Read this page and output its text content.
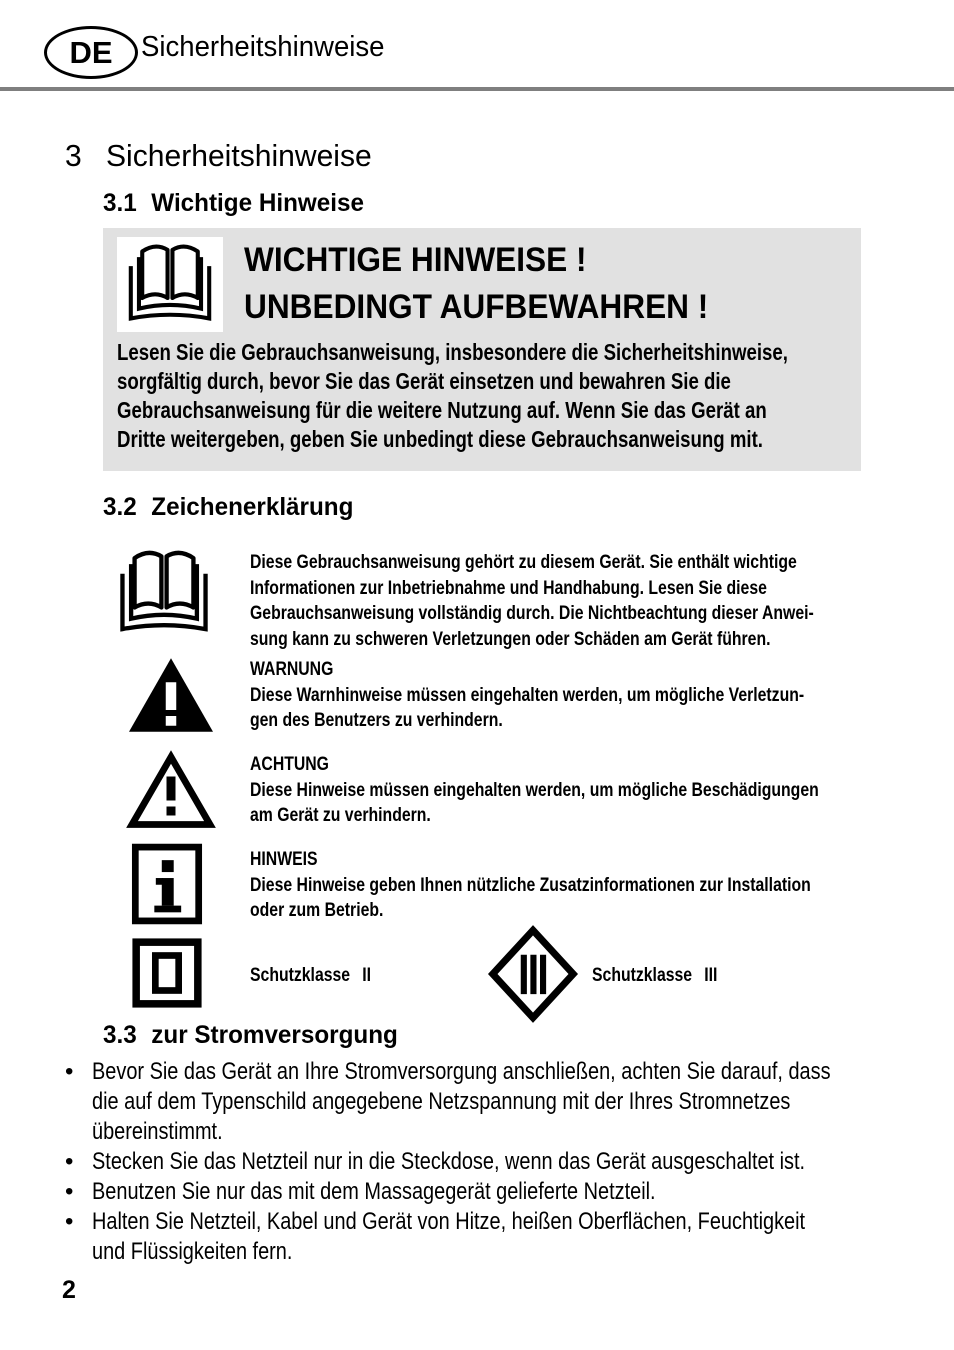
DE Sicherheitshinweise
3 Sicherheitshinweise
3.1 Wichtige Hinweise
WICHTIGE HINWEISE !
UNBEDINGT AUFBEWAHREN !
Lesen Sie die Gebrauchsanweisung, insbesondere die Sicherheitshinweise,
sorgfältig durch, bevor Sie das Gerät einsetzen und bewahren Sie die
Gebrauchsanweisung für die weitere Nutzung auf. Wenn Sie das Gerät an
Dritte weitergeben, geben Sie unbedingt diese Gebrauchsanweisung mit.
3.2 Zeichenerklärung
Diese Gebrauchsanweisung gehört zu diesem Gerät. Sie enthält wichtige
Informationen zur Inbetriebnahme und Handhabung. Lesen Sie diese
Gebrauchsanweisung vollständig durch. Die Nichtbeachtung dieser Anwei-
sung kann zu schweren Verletzungen oder Schäden am Gerät führen.
WARNUNG
Diese Warnhinweise müssen eingehalten werden, um mögliche Verletzun-
gen des Benutzers zu verhindern.
ACHTUNG
Diese Hinweise müssen eingehalten werden, um mögliche Beschädigungen
am Gerät zu verhindern.
HINWEIS
Diese Hinweise geben Ihnen nützliche Zusatzinformationen zur Installation
oder zum Betrieb.
Schutzklasse II	Schutzklasse III
3.3 zur Stromversorgung
• Bevor Sie das Gerät an Ihre Stromversorgung anschließen, achten Sie darauf, dass
die auf dem Typenschild angegebene Netzspannung mit der Ihres Stromnetzes
übereinstimmt.
• Stecken Sie das Netzteil nur in die Steckdose, wenn das Gerät ausgeschaltet ist.
• Benutzen Sie nur das mit dem Massagegerät gelieferte Netzteil.
• Halten Sie Netzteil, Kabel und Gerät von Hitze, heißen Oberflächen, Feuchtigkeit
und Flüssigkeiten fern.
2
